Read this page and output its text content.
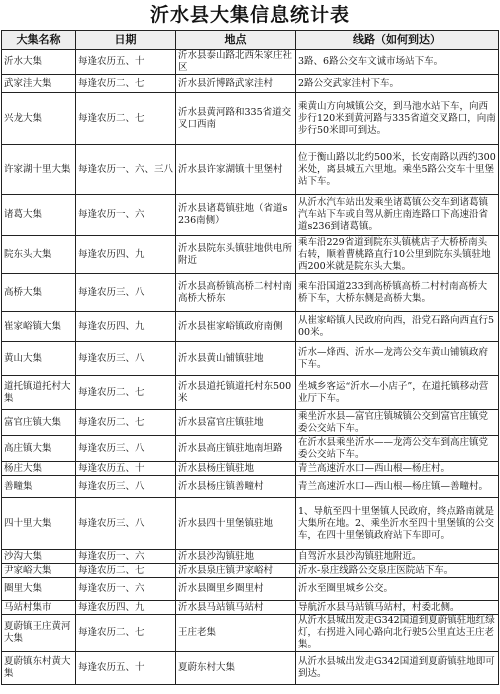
沂水县大集信息统计表
大集名称	日期	地点	线路（如何到达）
沂水大集	每逢农历五、十	沂水县泰山路北西朱家庄社区	3路、6路公交车文诚市场站下车。
武家洼大集	每逢农历二、七	沂水县沂博路武家洼村	2路公交武家洼村下车。
兴龙大集	每逢农历二、七	沂水县黄河路和335省道交叉口西南	乘黄山方向城镇公交，到马池水站下车，向西步行120米到黄河路与335省道交叉路口，向南步行50米即可到达。
许家湖十里大集	每逢农历一、六、三八	沂水县许家湖镇十里堡村	位于衡山路以北约500米，长安南路以西约300米处，离县城五六里地。乘坐5路公交车十里堡站下车。
诸葛大集	每逢农历一、六	沂水县诸葛镇驻地（省道s236南侧）	从沂水汽车站出发乘坐诸葛镇公交车到诸葛镇汽车站下车或自驾从新庄南连路口下高速沿省道s236到诸葛镇。
院东头大集	每逢农历四、九	沂水县院东头镇驻地供电所附近	乘车沿229省道到院东头镇桃店子大桥桥南头右转，顺着曹桃路直行10公里到院东头镇驻地西200米就是院东头大集。
高桥大集	每逢农历三、八	沂水县高桥镇高桥二村村南高桥大桥东	乘车沿国道233到高桥镇高桥二村村南高桥大桥下车，大桥东侧是高桥大集。
崔家峪镇大集	每逢农历四、九	沂水县崔家峪镇政府南侧	从崔家峪镇人民政府向西，沿党石路向西直行500米。
黄山大集	每逢农历三、八	沂水县黄山铺镇驻地	沂水—烽西、沂水—龙湾公交车黄山铺镇政府下车。
道托镇道托村大集	每逢农历二、七	沂水县道托镇道托村东500米	坐城乡客运“沂水—小店子”，在道托镇移动营业厅下车。
富官庄镇大集	每逢农历二、七	沂水县富官庄镇驻地	乘坐沂水县—富官庄镇城镇公交到富官庄镇党委公交站下车。
高庄镇大集	每逢农历三、八	沂水县高庄镇驻地南坦路	在沂水县乘坐沂水——龙湾公交车到高庄镇党委公交站下车。
杨庄大集	每逢农历五、十	沂水县杨庄镇驻地	青兰高速沂水口—西山根—杨庄村。
善疃集	每逢农历三、八	沂水县杨庄镇善疃村	青兰高速沂水口—西山根—杨庄镇—善疃村。
四十里大集	每逢农历三、八	沂水县四十里堡镇驻地	1、导航至四十里堡镇人民政府，终点路南就是大集所在地。2、乘坐沂水至四十里堡镇的公交车，在四十里堡镇政府站下车即可。
沙沟大集	每逢农历一、六	沂水县沙沟镇驻地	自驾沂水县沙沟镇驻地附近。
尹家峪大集	每逢农历二、七	沂水县泉庄镇尹家峪村	沂水-泉庄线路公交泉庄医院站下车。
圈里大集	每逢农历一、六	沂水县圈里乡圈里村	沂水至圈里城乡公交。
马站村集市	每逢农历四、九	沂水县马站镇马站村	导航沂水县马站镇马站村，村委北侧。
夏蔚镇王庄黄河大集	每逢农历二、七	王庄老集	从沂水县城出发走G342国道到夏蔚镇驻地红绿灯，右拐进入同心路向北行驶5公里直达王庄老集。
夏蔚镇东村黄大集	每逢农历五、十	夏蔚东村大集	从沂水县城出发走G342国道到夏蔚镇驻地即可到达。
